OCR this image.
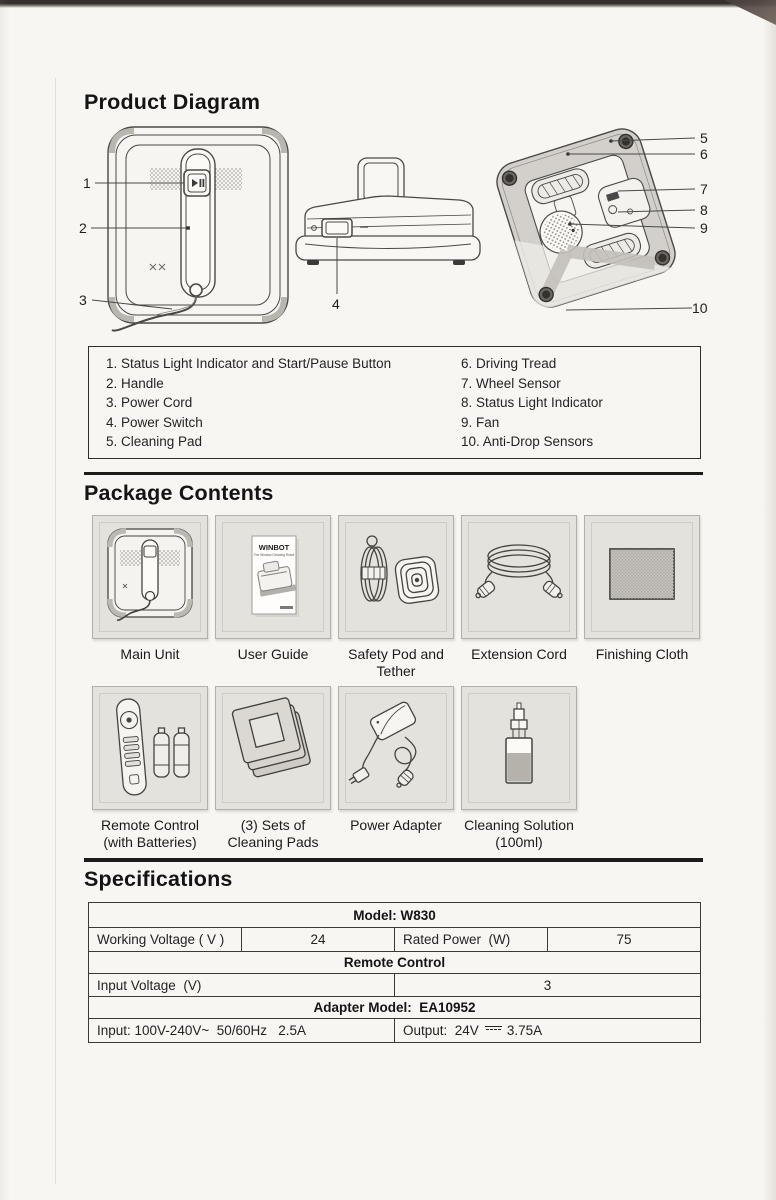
Product Diagram
1
2
3	4
5
6
7
8
9
10
1. Status Light Indicator and Start/Pause Button
2. Handle
3. Power Cord
4. Power Switch
5. Cleaning Pad
6. Driving Tread
7. Wheel Sensor
8. Status Light Indicator
9. Fan
10. Anti-Drop Sensors
Package Contents
Main Unit
WINBOT
The Window Cleaning Robot
User Guide	Safety Pod and
Tether
Extension Cord	Finishing Cloth
Remote Control
(with Batteries)
(3) Sets of
Cleaning Pads
Power Adapter	Cleaning Solution
(100ml)
Specifications
Model: W830			
Working Voltage ( V )	24	Rated Power  (W)	75
Remote Control			
Input Voltage  (V)		3	
Adapter Model:  EA10952			
Input: 100V-240V~  50/60Hz   2.5A		Output:  24V 3.75A	
